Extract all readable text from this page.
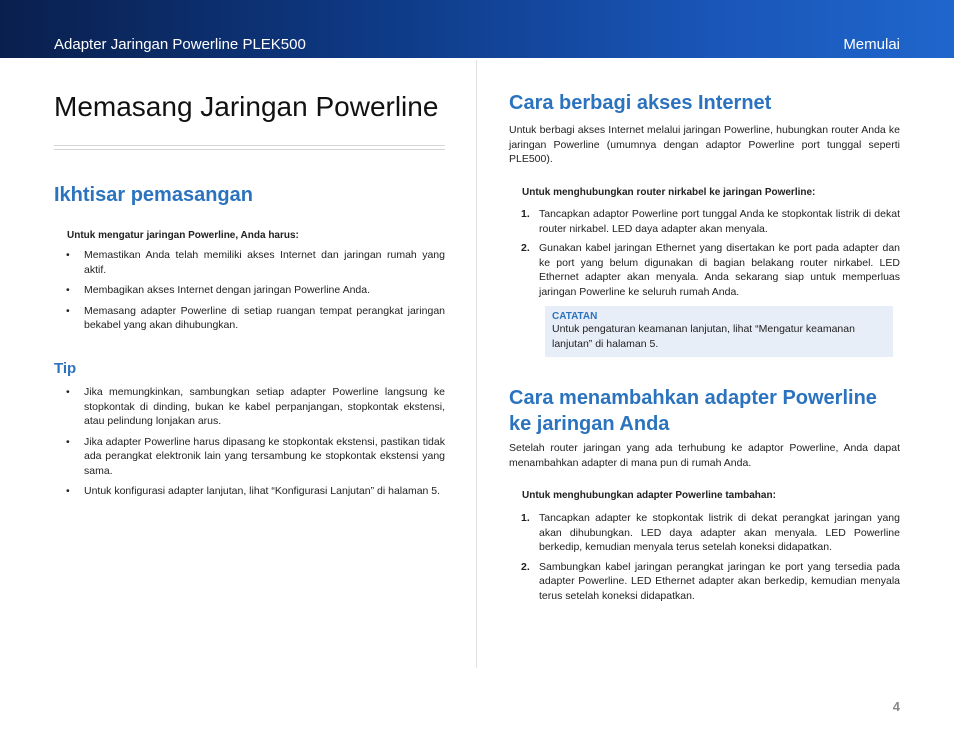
Adapter Jaringan Powerline PLEK500	Memulai
Memasang Jaringan Powerline
Ikhtisar pemasangan
Untuk mengatur jaringan Powerline, Anda harus:
• Memastikan Anda telah memiliki akses Internet dan jaringan rumah yang aktif.
• Membagikan akses Internet dengan jaringan Powerline Anda.
• Memasang adapter Powerline di setiap ruangan tempat perangkat jaringan bekabel yang akan dihubungkan.
Tip
• Jika memungkinkan, sambungkan setiap adapter Powerline langsung ke stopkontak di dinding, bukan ke kabel perpanjangan, stopkontak ekstensi, atau pelindung lonjakan arus.
• Jika adapter Powerline harus dipasang ke stopkontak ekstensi, pastikan tidak ada perangkat elektronik lain yang tersambung ke stopkontak ekstensi yang sama.
• Untuk konfigurasi adapter lanjutan, lihat “Konfigurasi Lanjutan” di halaman 5.
Cara berbagi akses Internet

Untuk berbagi akses Internet melalui jaringan Powerline, hubungkan router Anda ke jaringan Powerline (umumnya dengan adaptor Powerline port tunggal seperti PLE500).

Untuk menghubungkan router nirkabel ke jaringan Powerline:
1. Tancapkan adaptor Powerline port tunggal Anda ke stopkontak listrik di dekat router nirkabel. LED daya adapter akan menyala.
2. Gunakan kabel jaringan Ethernet yang disertakan ke port pada adapter dan ke port yang belum digunakan di bagian belakang router nirkabel. LED Ethernet adapter akan menyala. Anda sekarang siap untuk memperluas jaringan Powerline ke seluruh rumah Anda.
CATATAN
Untuk pengaturan keamanan lanjutan, lihat “Mengatur keamanan lanjutan” di halaman 5.
Cara menambahkan adapter Powerline
ke jaringan Anda

Setelah router jaringan yang ada terhubung ke adaptor Powerline, Anda dapat menambahkan adapter di mana pun di rumah Anda.

Untuk menghubungkan adapter Powerline tambahan:
1. Tancapkan adapter ke stopkontak listrik di dekat perangkat jaringan yang akan dihubungkan. LED daya adapter akan menyala. LED Powerline berkedip, kemudian menyala terus setelah koneksi didapatkan.
2. Sambungkan kabel jaringan perangkat jaringan ke port yang tersedia pada adapter Powerline. LED Ethernet adapter akan berkedip, kemudian menyala terus setelah koneksi didapatkan.
4
